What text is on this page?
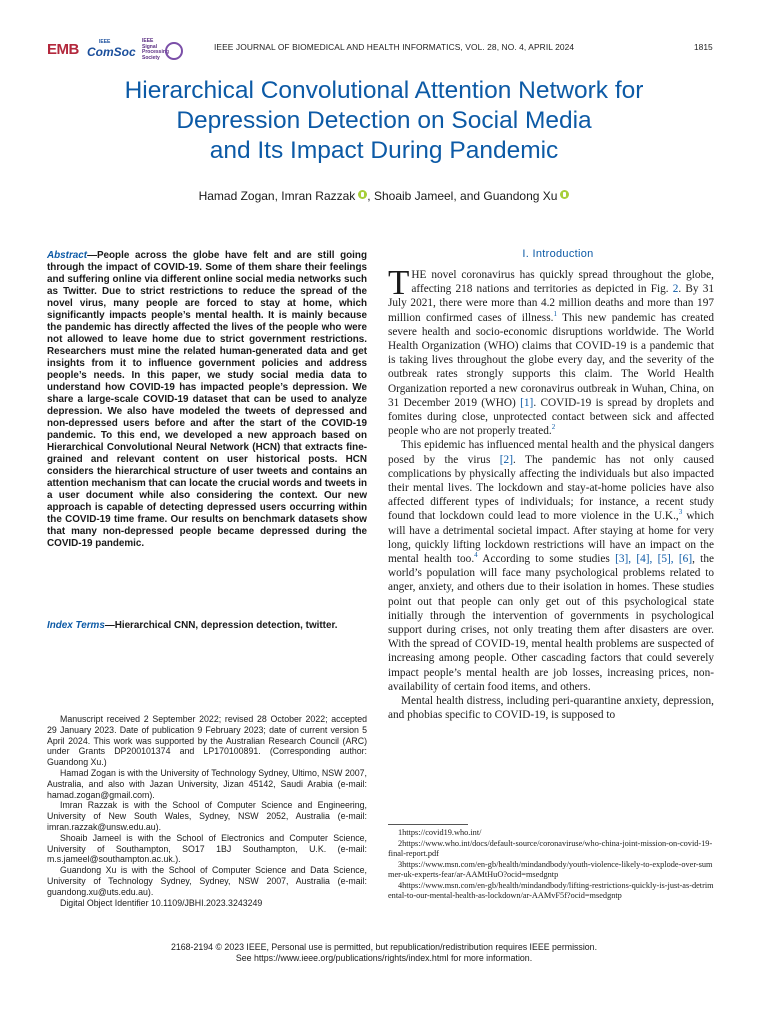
EMB	IEEE
ComSoc
IEEE
Signal
Processing
Society
IEEE JOURNAL OF BIOMEDICAL AND HEALTH INFORMATICS, VOL. 28, NO. 4, APRIL 2024	1815
Hierarchical Convolutional Attention Network for
Depression Detection on Social Media
and Its Impact During Pandemic
Hamad Zogan, Imran Razzak , Shoaib Jameel, and Guandong Xu
Abstract—People across the globe have felt and are still going through the impact of COVID-19. Some of them share their feelings and suffering online via different online social media networks such as Twitter. Due to strict restrictions to reduce the spread of the novel virus, many people are forced to stay at home, which significantly impacts people’s mental health. It is mainly because the pandemic has directly affected the lives of the people who were not allowed to leave home due to strict government restrictions. Researchers must mine the related human-generated data and get insights from it to influence government policies and address people’s needs. In this paper, we study social media data to understand how COVID-19 has impacted people’s depression. We share a large-scale COVID-19 dataset that can be used to analyze depression. We also have modeled the tweets of depressed and non-depressed users before and after the start of the COVID-19 pandemic. To this end, we developed a new approach based on Hierarchical Convolutional Neural Network (HCN) that extracts fine-grained and relevant content on user historical posts. HCN considers the hierarchical structure of user tweets and contains an attention mechanism that can locate the crucial words and tweets in a user document while also considering the context. Our new approach is capable of detecting depressed users occurring within the COVID-19 time frame. Our results on benchmark datasets show that many non-depressed people became depressed during the COVID-19 pandemic.
Index Terms—Hierarchical CNN, depression detection, twitter.

Manuscript received 2 September 2022; revised 28 October 2022; accepted 29 January 2023. Date of publication 9 February 2023; date of current version 5 April 2024. This work was supported by the Australian Research Council (ARC) under Grants DP200101374 and LP170100891. (Corresponding author: Guandong Xu.)

Hamad Zogan is with the University of Technology Sydney, Ultimo, NSW 2007, Australia, and also with Jazan University, Jizan 45142, Saudi Arabia (e-mail: hamad.zogan@gmail.com).

Imran Razzak is with the School of Computer Science and Engineering, University of New South Wales, Sydney, NSW 2052, Australia (e-mail: imran.razzak@unsw.edu.au).

Shoaib Jameel is with the School of Electronics and Computer Science, University of Southampton, SO17 1BJ Southampton, U.K. (e-mail: m.s.jameel@southampton.ac.uk.).

Guandong Xu is with the School of Computer Science and Data Science, University of Technology Sydney, Sydney, NSW 2007, Australia (e-mail: guandong.xu@uts.edu.au).

Digital Object Identifier 10.1109/JBHI.2023.3243249

I. Introduction

THE novel coronavirus has quickly spread throughout the globe, affecting 218 nations and territories as depicted in Fig. 2. By 31 July 2021, there were more than 4.2 million deaths and more than 197 million confirmed cases of illness.$^1$ This new pandemic has created severe health and socio-economic disruptions worldwide. The World Health Organization (WHO) claims that COVID-19 is a pandemic that is taking lives throughout the globe every day, and the severity of the outbreak rates strongly supports this claim. The World Health Organization reported a new coronavirus outbreak in Wuhan, China, on 31 December 2019 (WHO) [1]. COVID-19 is spread by droplets and fomites during close, unprotected contact between sick and affected people who are not properly treated.$^2$

This epidemic has influenced mental health and the physical dangers posed by the virus [2]. The pandemic has not only caused complications by physically affecting the individuals but also impacted their mental lives. The lockdown and stay-at-home policies have also affected different types of individuals; for instance, a recent study found that lockdown could lead to more violence in the U.K.,$^3$ which will have a detrimental societal impact. After staying at home for very long, quickly lifting lockdown restrictions will have an impact on the mental health too.$^4$ According to some studies [3], [4], [5], [6], the world’s population will face many psychological problems related to anger, anxiety, and others due to their isolation in homes. These studies point out that people can only get out of this psychological state initially through the intervention of governments in psychological support during crises, not only treating them after disasters are over. With the spread of COVID-19, mental health problems are suspected of increasing among people. Other cascading factors that could severely impact people’s mental health are job losses, increasing prices, non-availability of certain food items, and others.

Mental health distress, including peri-quarantine anxiety, depression, and phobias specific to COVID-19, is supposed to

1https://covid19.who.int/

2https://www.who.int/docs/default-source/coronaviruse/who-china-joint-mission-on-covid-19-final-report.pdf

3https://www.msn.com/en-gb/health/mindandbody/youth-violence-likely-to-explode-over-summer-uk-experts-fear/ar-AAMtHuO?ocid=msedgntp

4https://www.msn.com/en-gb/health/mindandbody/lifting-restrictions-quickly-is-just-as-detrimental-to-our-mental-health-as-lockdown/ar-AAMvF5f?ocid=msedgntp

2168-2194 © 2023 IEEE, Personal use is permitted, but republication/redistribution requires IEEE permission.
See https://www.ieee.org/publications/rights/index.html for more information.
